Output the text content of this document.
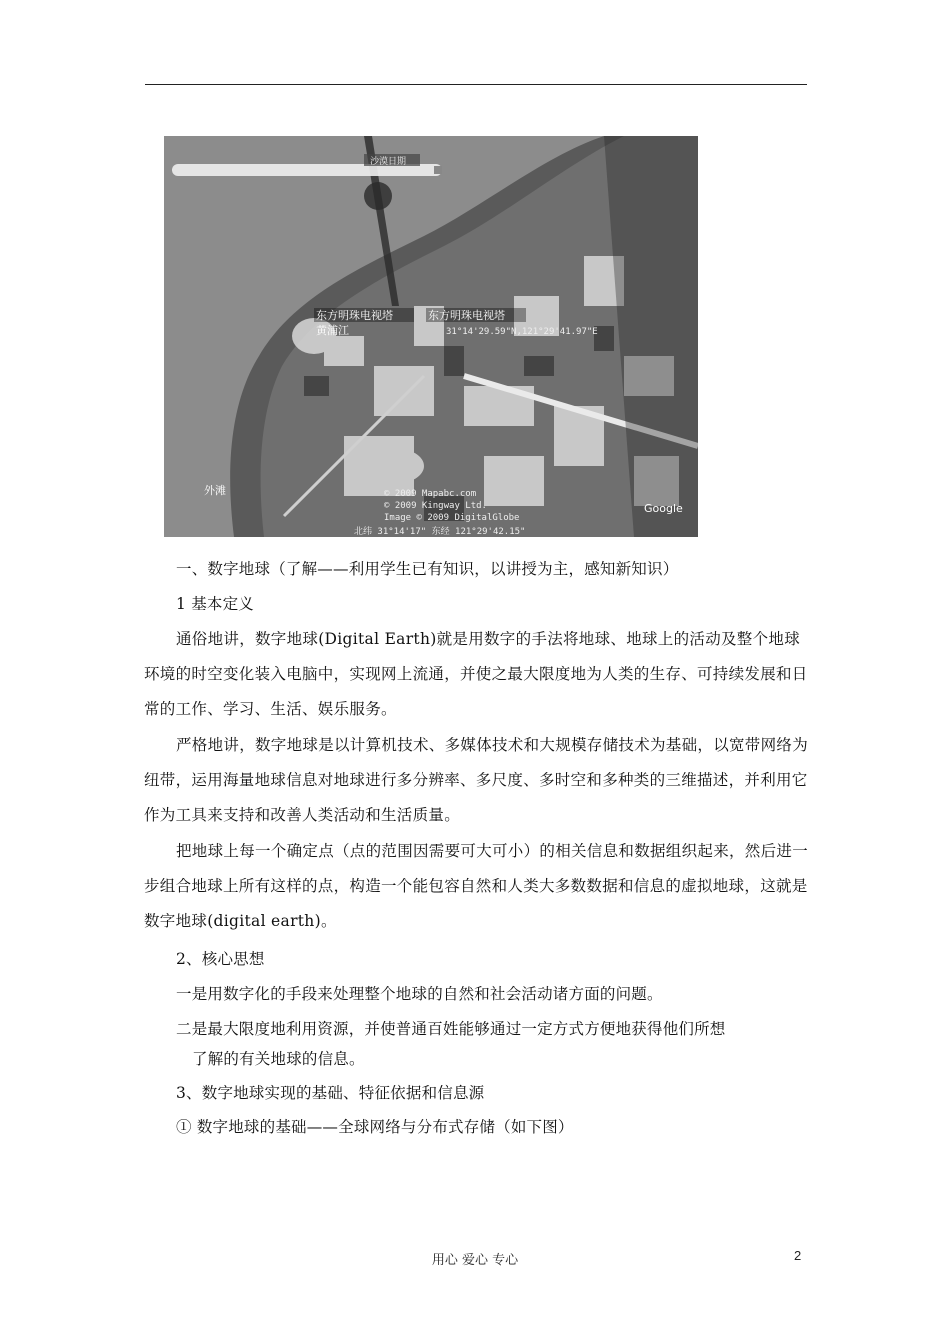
沙漠日期
东方明珠电视塔	东方明珠电视塔
黄浦江	31°14'29.59"N,121°29'41.97"E
外滩	© 2009 Mapabc.com
© 2009 Kingway Ltd.
Image © 2009 DigitalGlobe
Google
北纬 31°14'17" 东经 121°29'42.15"
一、数字地球（了解——利用学生已有知识，以讲授为主，感知新知识）
1 基本定义
通俗地讲，数字地球(Digital Earth)就是用数字的手法将地球、地球上的活动及整个地球环境的时空变化装入电脑中，实现网上流通，并使之最大限度地为人类的生存、可持续发展和日常的工作、学习、生活、娱乐服务。
严格地讲，数字地球是以计算机技术、多媒体技术和大规模存储技术为基础，以宽带网络为纽带，运用海量地球信息对地球进行多分辨率、多尺度、多时空和多种类的三维描述，并利用它作为工具来支持和改善人类活动和生活质量。
把地球上每一个确定点（点的范围因需要可大可小）的相关信息和数据组织起来，然后进一步组合地球上所有这样的点，构造一个能包容自然和人类大多数数据和信息的虚拟地球，这就是数字地球(digital earth)。
2、核心思想
一是用数字化的手段来处理整个地球的自然和社会活动诸方面的问题。
二是最大限度地利用资源，并使普通百姓能够通过一定方式方便地获得他们所想
了解的有关地球的信息。
3、数字地球实现的基础、特征依据和信息源
① 数字地球的基础——全球网络与分布式存储（如下图）
用心 爱心 专心	2
